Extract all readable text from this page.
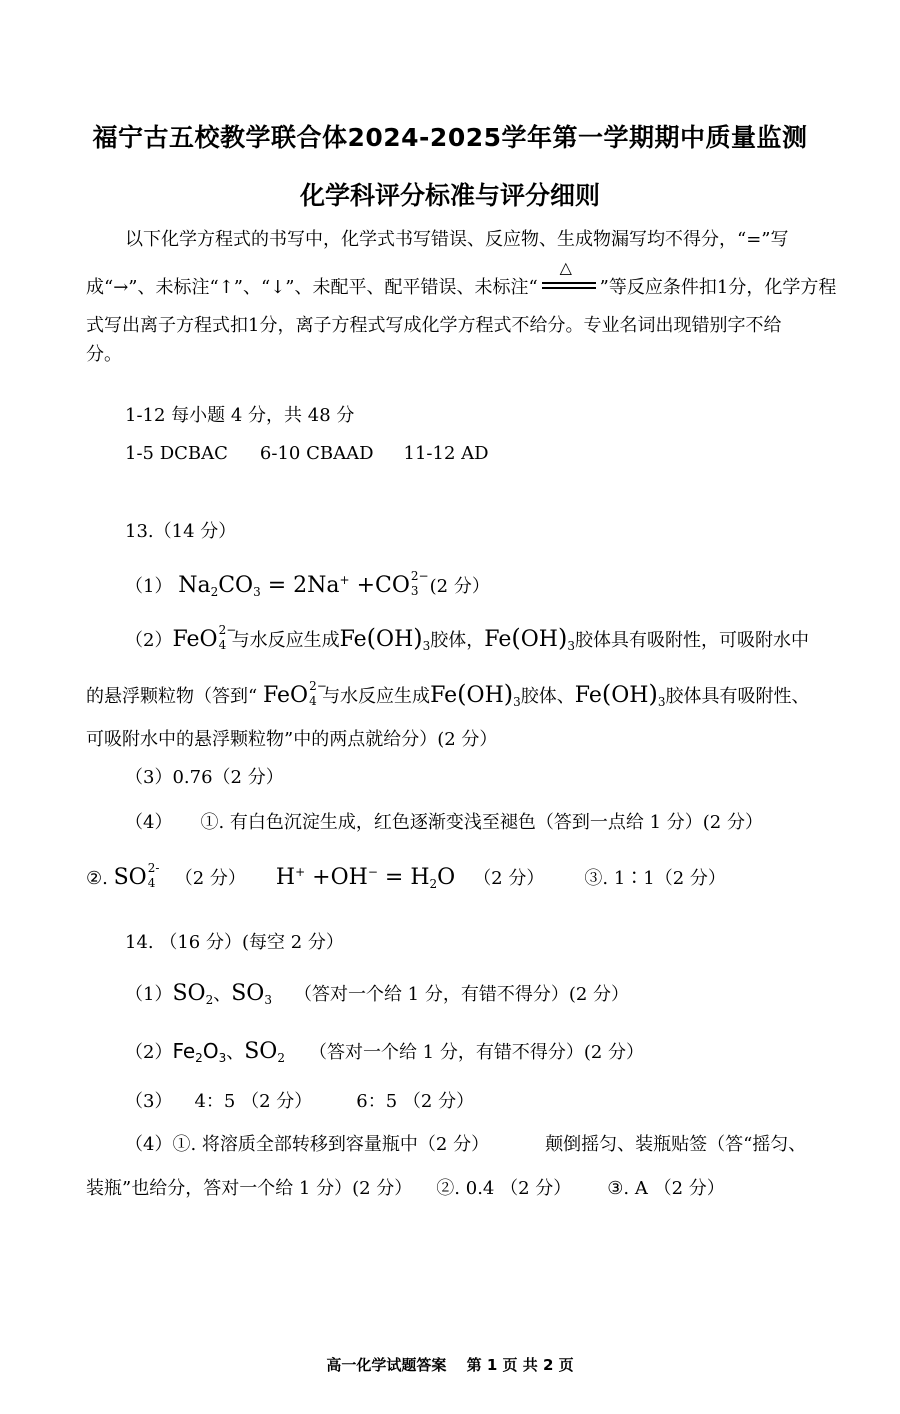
福宁古五校教学联合体2024-2025学年第一学期期中质量监测
化学科评分标准与评分细则
以下化学方程式的书写中，化学式书写错误、反应物、生成物漏写均不得分，“=”写
成“→”、未标注“↑”、“↓”、未配平、配平错误、未标注“
△
”等反应条件扣1分，化学方程
式写出离子方程式扣1分，离子方程式写成化学方程式不给分。专业名词出现错别字不给
分。
1-12 每小题 4 分，共 48 分
1-5 DCBAC 6-10 CBAAD 11-12 AD
13.（14 分）
（1） $Na_2CO_3 = 2Na^+ +CO$ 2−
3 (2 分）
（2）FeO 2−
4 与水反应生成$Fe(OH)_3$胶体，$Fe(OH)_3$胶体具有吸附性，可吸附水中
的悬浮颗粒物（答到“ FeO 2−
4 与水反应生成$Fe(OH)_3$胶体、$Fe(OH)_3$胶体具有吸附性、
可吸附水中的悬浮颗粒物”中的两点就给分）(2 分）
（3）0.76（2 分）
（4） ①. 有白色沉淀生成，红色逐渐变浅至褪色（答到一点给 1 分）(2 分）
②. SO 2-
4 （2 分） $H^+ +OH^- = H_2O$ （2 分） ③. 1∶1（2 分）
14. （16 分）(每空 2 分）
$(1)SO_2$、$SO_3$ （答对一个给 1 分，有错不得分）(2 分）
$(2)Fe_2O_3$、$SO_2$ （答对一个给 1 分，有错不得分）(2 分）
（3） 4：5 （2 分） 6：5 （2 分）
（4）①. 将溶质全部转移到容量瓶中（2 分）	颠倒摇匀、装瓶贴签（答“摇匀、
装瓶”也给分，答对一个给 1 分）(2 分） ②. 0.4 （2 分） ③. A （2 分）
高一化学试题答案　 第 1 页 共 2 页
